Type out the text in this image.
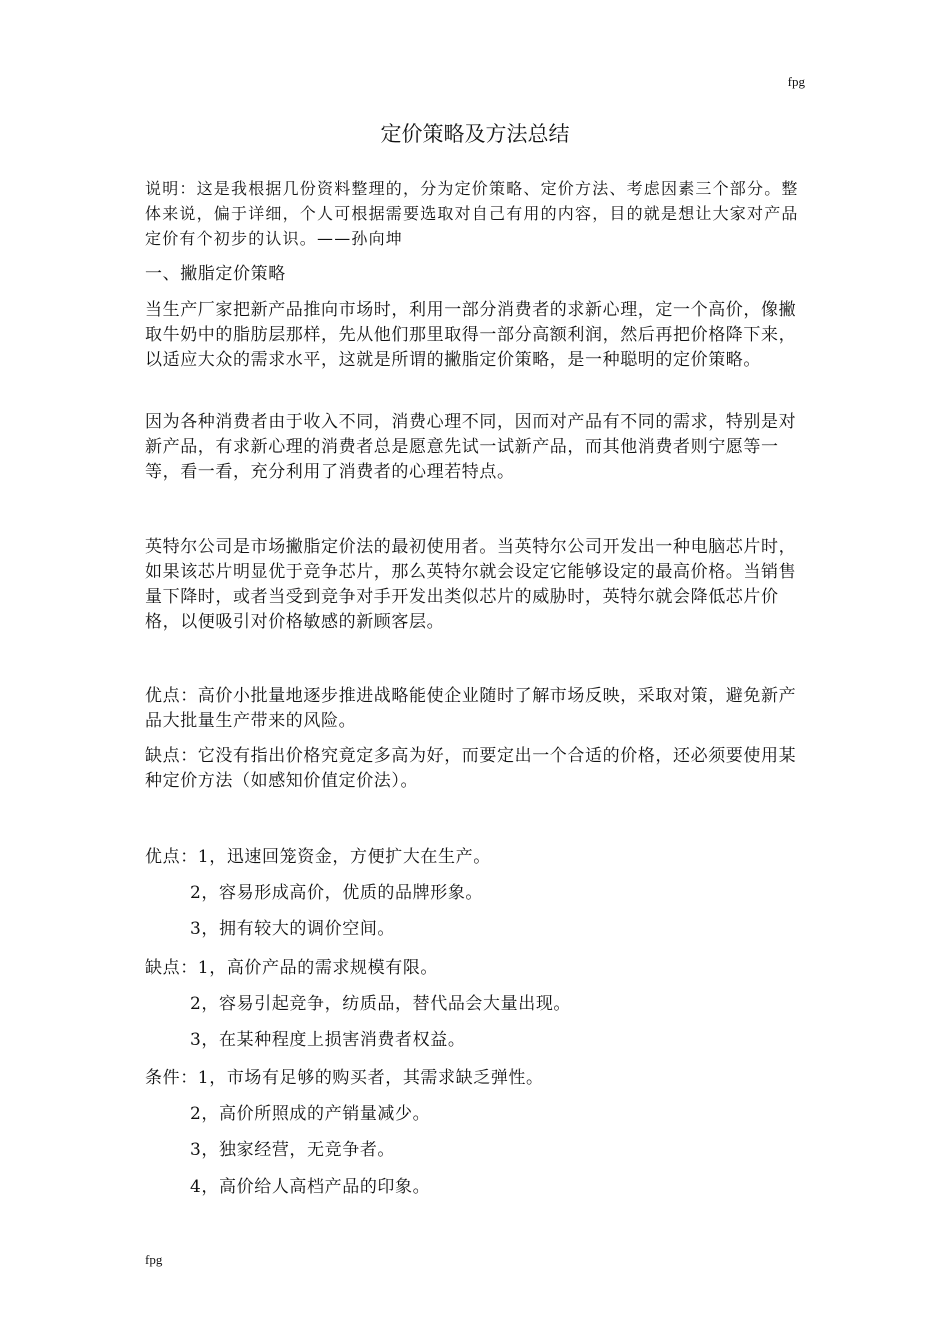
fpg
定价策略及方法总结

说明：这是我根据几份资料整理的，分为定价策略、定价方法、考虑因素三个部分。整体来说，偏于详细，个人可根据需要选取对自己有用的内容，目的就是想让大家对产品定价有个初步的认识。——孙向坤

一、撇脂定价策略

当生产厂家把新产品推向市场时，利用一部分消费者的求新心理，定一个高价，像撇取牛奶中的脂肪层那样，先从他们那里取得一部分高额利润，然后再把价格降下来，以适应大众的需求水平，这就是所谓的撇脂定价策略，是一种聪明的定价策略。

因为各种消费者由于收入不同，消费心理不同，因而对产品有不同的需求，特别是对新产品，有求新心理的消费者总是愿意先试一试新产品，而其他消费者则宁愿等一等，看一看，充分利用了消费者的心理若特点。

英特尔公司是市场撇脂定价法的最初使用者。当英特尔公司开发出一种电脑芯片时，如果该芯片明显优于竞争芯片，那么英特尔就会设定它能够设定的最高价格。当销售量下降时，或者当受到竞争对手开发出类似芯片的威胁时，英特尔就会降低芯片价格，以便吸引对价格敏感的新顾客层。

优点：高价小批量地逐步推进战略能使企业随时了解市场反映，采取对策，避免新产品大批量生产带来的风险。

缺点：它没有指出价格究竟定多高为好，而要定出一个合适的价格，还必须要使用某种定价方法（如感知价值定价法）。

优点：1，迅速回笼资金，方便扩大在生产。
2，容易形成高价，优质的品牌形象。
3，拥有较大的调价空间。
缺点：1，高价产品的需求规模有限。
2，容易引起竞争，纺质品，替代品会大量出现。
3，在某种程度上损害消费者权益。
条件：1，市场有足够的购买者，其需求缺乏弹性。
2，高价所照成的产销量减少。
3，独家经营，无竞争者。
4，高价给人高档产品的印象。
fpg
